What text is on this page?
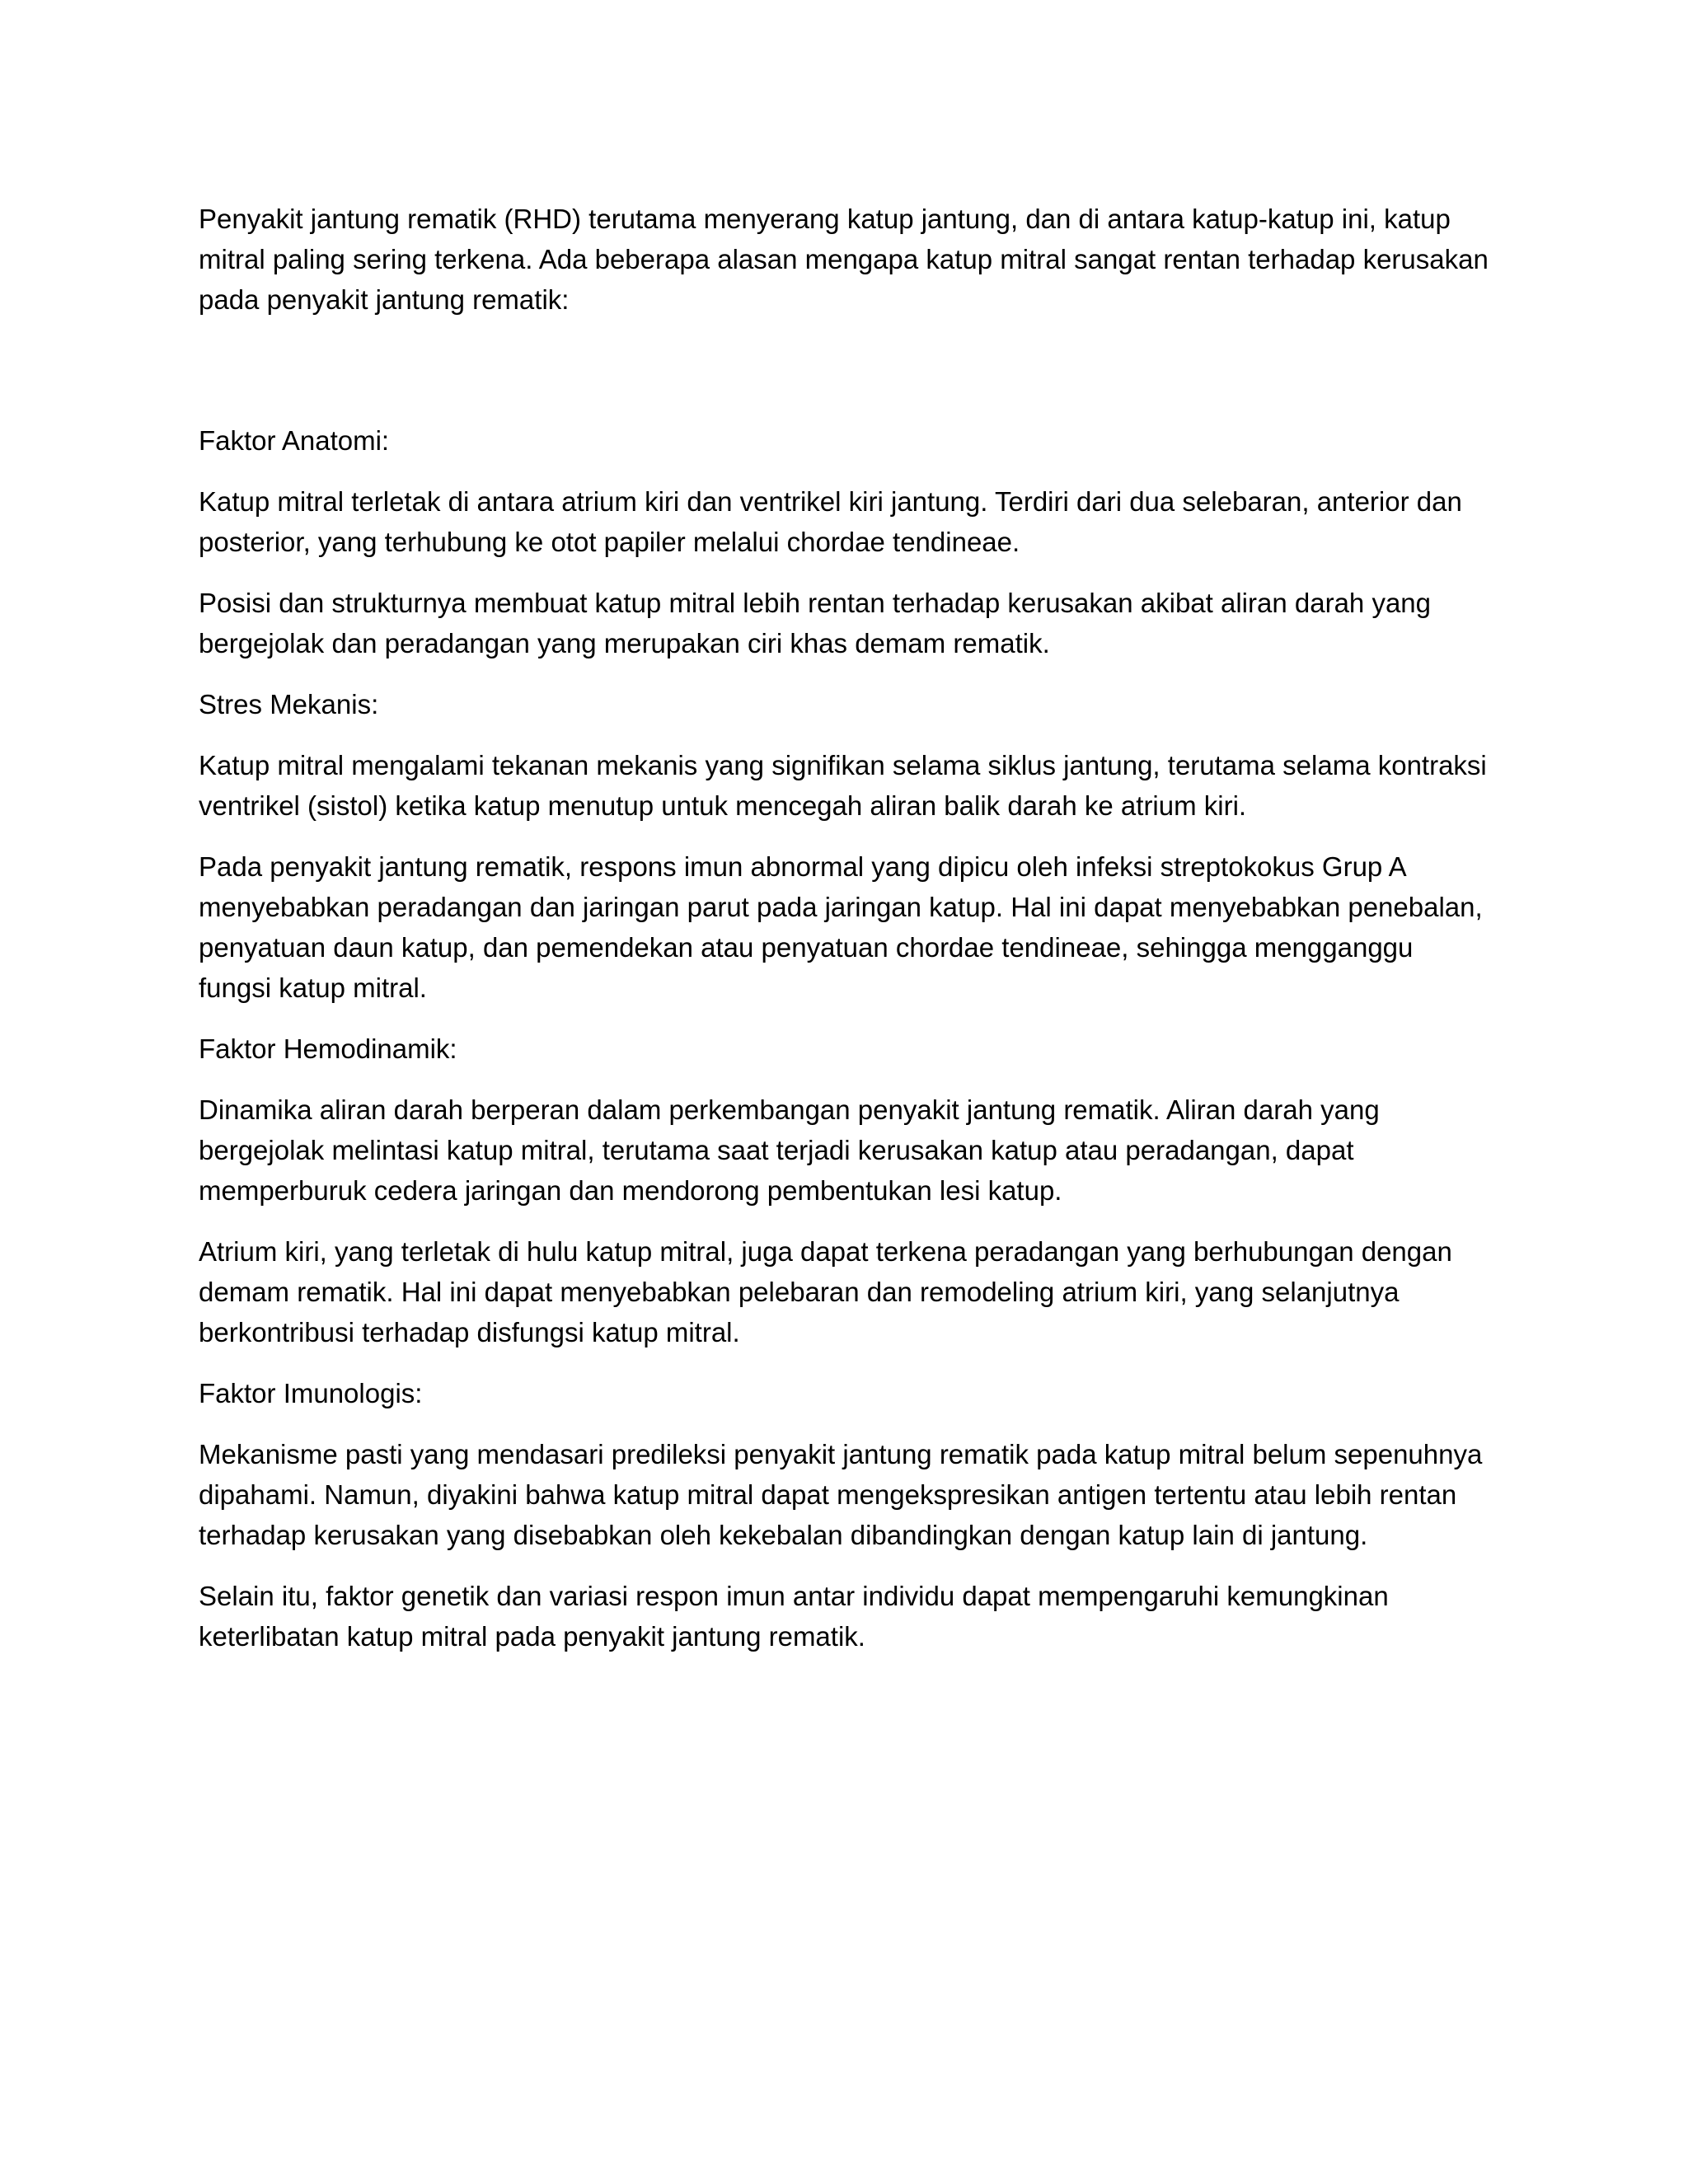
Penyakit jantung rematik (RHD) terutama menyerang katup jantung, dan di antara katup-katup ini, katup mitral paling sering terkena. Ada beberapa alasan mengapa katup mitral sangat rentan terhadap kerusakan pada penyakit jantung rematik:

Faktor Anatomi:

Katup mitral terletak di antara atrium kiri dan ventrikel kiri jantung. Terdiri dari dua selebaran, anterior dan posterior, yang terhubung ke otot papiler melalui chordae tendineae.

Posisi dan strukturnya membuat katup mitral lebih rentan terhadap kerusakan akibat aliran darah yang bergejolak dan peradangan yang merupakan ciri khas demam rematik.

Stres Mekanis:

Katup mitral mengalami tekanan mekanis yang signifikan selama siklus jantung, terutama selama kontraksi ventrikel (sistol) ketika katup menutup untuk mencegah aliran balik darah ke atrium kiri.

Pada penyakit jantung rematik, respons imun abnormal yang dipicu oleh infeksi streptokokus Grup A menyebabkan peradangan dan jaringan parut pada jaringan katup. Hal ini dapat menyebabkan penebalan, penyatuan daun katup, dan pemendekan atau penyatuan chordae tendineae, sehingga mengganggu fungsi katup mitral.

Faktor Hemodinamik:

Dinamika aliran darah berperan dalam perkembangan penyakit jantung rematik. Aliran darah yang bergejolak melintasi katup mitral, terutama saat terjadi kerusakan katup atau peradangan, dapat memperburuk cedera jaringan dan mendorong pembentukan lesi katup.

Atrium kiri, yang terletak di hulu katup mitral, juga dapat terkena peradangan yang berhubungan dengan demam rematik. Hal ini dapat menyebabkan pelebaran dan remodeling atrium kiri, yang selanjutnya berkontribusi terhadap disfungsi katup mitral.

Faktor Imunologis:

Mekanisme pasti yang mendasari predileksi penyakit jantung rematik pada katup mitral belum sepenuhnya dipahami. Namun, diyakini bahwa katup mitral dapat mengekspresikan antigen tertentu atau lebih rentan terhadap kerusakan yang disebabkan oleh kekebalan dibandingkan dengan katup lain di jantung.

Selain itu, faktor genetik dan variasi respon imun antar individu dapat mempengaruhi kemungkinan keterlibatan katup mitral pada penyakit jantung rematik.
